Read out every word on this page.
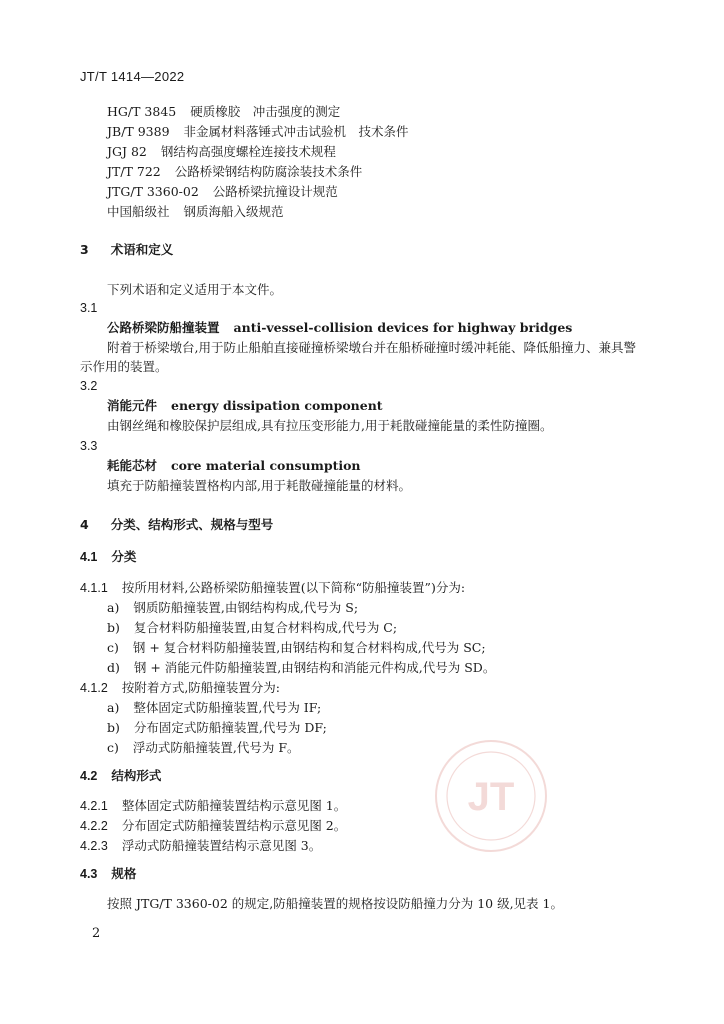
JT/T 1414—2022
HG/T 3845 硬质橡胶　冲击强度的测定
JB/T 9389 非金属材料落锤式冲击试验机　技术条件
JGJ 82 钢结构高强度螺栓连接技术规程
JT/T 722 公路桥梁钢结构防腐涂装技术条件
JTG/T 3360-02 公路桥梁抗撞设计规范
中国船级社 钢质海船入级规范
3 术语和定义
下列术语和定义适用于本文件。
3.1
公路桥梁防船撞装置 anti-vessel-collision devices for highway bridges
附着于桥梁墩台,用于防止船舶直接碰撞桥梁墩台并在船桥碰撞时缓冲耗能、降低船撞力、兼具警
示作用的装置。
3.2
消能元件 energy dissipation component
由钢丝绳和橡胶保护层组成,具有拉压变形能力,用于耗散碰撞能量的柔性防撞圈。
3.3
耗能芯材 core material consumption
填充于防船撞装置格构内部,用于耗散碰撞能量的材料。
4 分类、结构形式、规格与型号
4.1 分类
4.1.1 按所用材料,公路桥梁防船撞装置(以下简称“防船撞装置”)分为:
a) 钢质防船撞装置,由钢结构构成,代号为 S;
b) 复合材料防船撞装置,由复合材料构成,代号为 C;
c) 钢 + 复合材料防船撞装置,由钢结构和复合材料构成,代号为 SC;
d) 钢 + 消能元件防船撞装置,由钢结构和消能元件构成,代号为 SD。
4.1.2 按附着方式,防船撞装置分为:
a) 整体固定式防船撞装置,代号为 IF;
b) 分布固定式防船撞装置,代号为 DF;
c) 浮动式防船撞装置,代号为 F。
4.2 结构形式
4.2.1 整体固定式防船撞装置结构示意见图 1。
4.2.2 分布固定式防船撞装置结构示意见图 2。
4.2.3 浮动式防船撞装置结构示意见图 3。
4.3 规格
按照 JTG/T 3360-02 的规定,防船撞装置的规格按设防船撞力分为 10 级,见表 1。
JT
2
